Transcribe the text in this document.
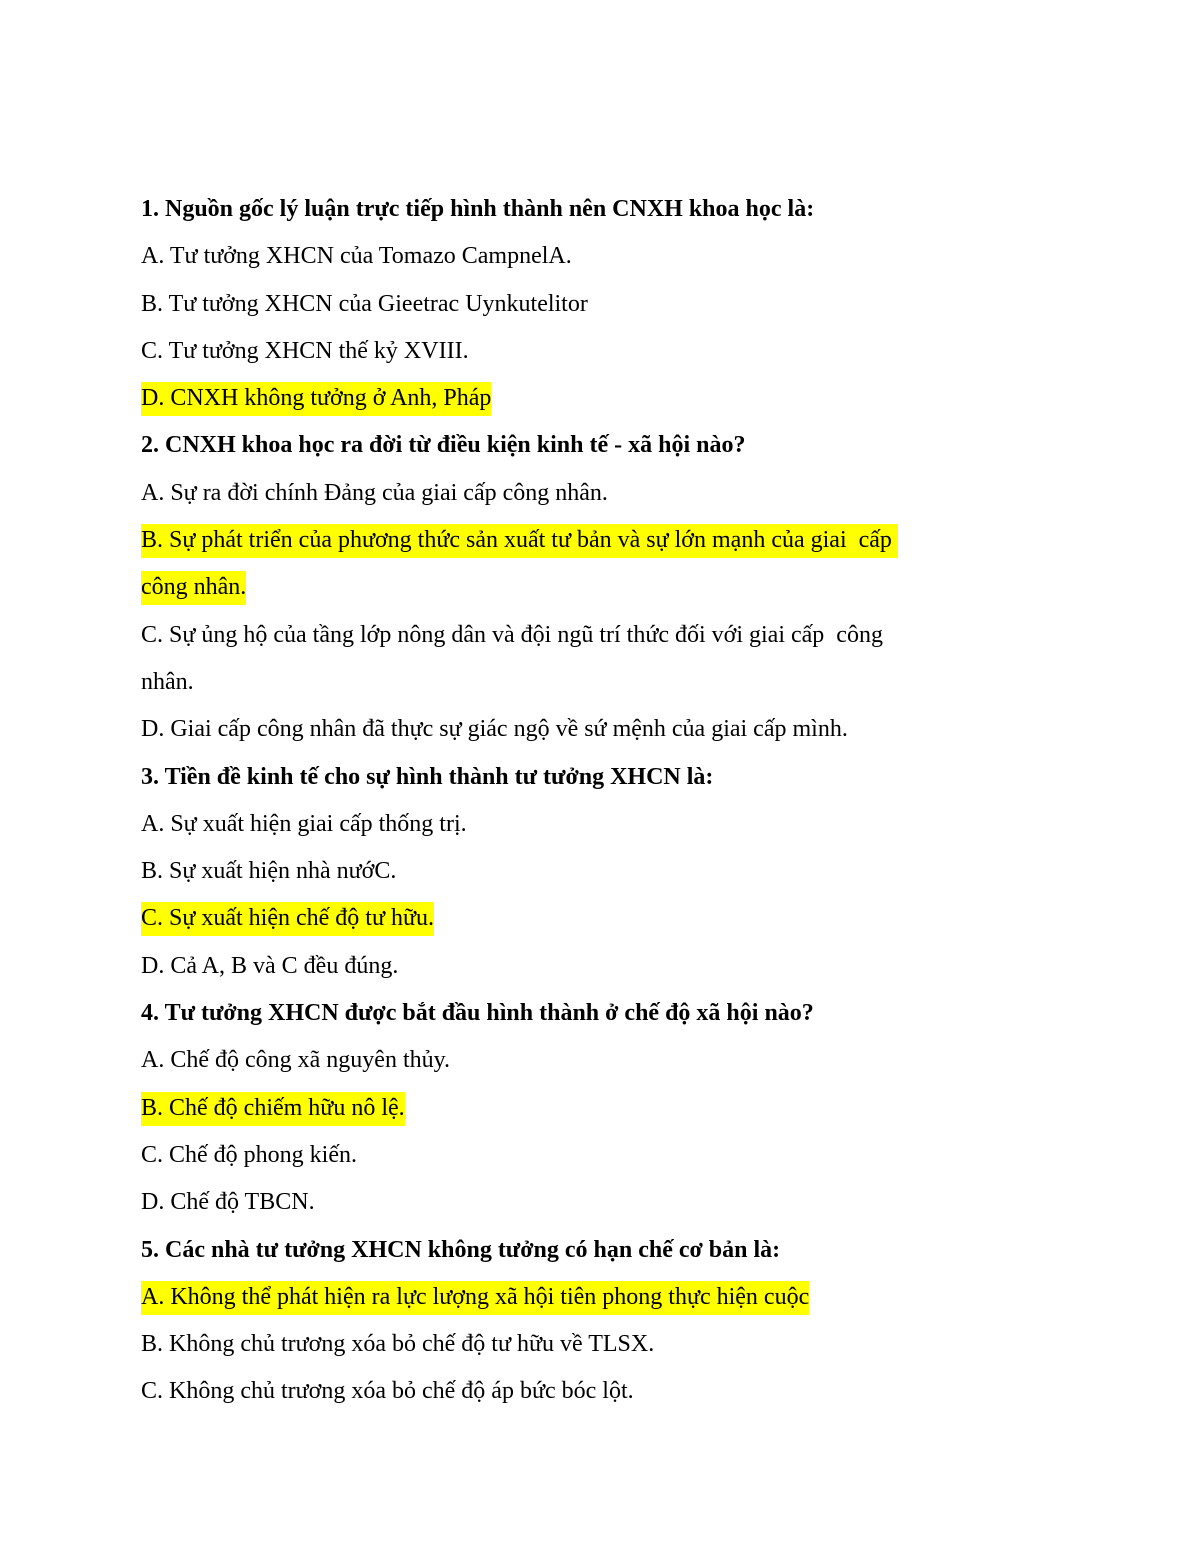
1. Nguồn gốc lý luận trực tiếp hình thành nên CNXH khoa học là:
A. Tư tưởng XHCN của Tomazo CampnelA.
B. Tư tưởng XHCN của Gieetrac Uynkutelitor
C. Tư tưởng XHCN thế kỷ XVIII.
D. CNXH không tưởng ở Anh, Pháp
2. CNXH khoa học ra đời từ điều kiện kinh tế - xã hội nào?
A. Sự ra đời chính Đảng của giai cấp công nhân.
B. Sự phát triển của phương thức sản xuất tư bản và sự lớn mạnh của giai  cấp
công nhân.
C. Sự ủng hộ của tầng lớp nông dân và đội ngũ trí thức đối với giai cấp  công
nhân.
D. Giai cấp công nhân đã thực sự giác ngộ về sứ mệnh của giai cấp mình.
3. Tiền đề kinh tế cho sự hình thành tư tưởng XHCN là:
A. Sự xuất hiện giai cấp thống trị.
B. Sự xuất hiện nhà nướC.
C. Sự xuất hiện chế độ tư hữu.
D. Cả A, B và C đều đúng.
4. Tư tưởng XHCN được bắt đầu hình thành ở chế độ xã hội nào?
A. Chế độ công xã nguyên thủy.
B. Chế độ chiếm hữu nô lệ.
C. Chế độ phong kiến.
D. Chế độ TBCN.
5. Các nhà tư tưởng XHCN không tưởng có hạn chế cơ bản là:
A. Không thể phát hiện ra lực lượng xã hội tiên phong thực hiện cuộc
B. Không chủ trương xóa bỏ chế độ tư hữu về TLSX.
C. Không chủ trương xóa bỏ chế độ áp bức bóc lột.
